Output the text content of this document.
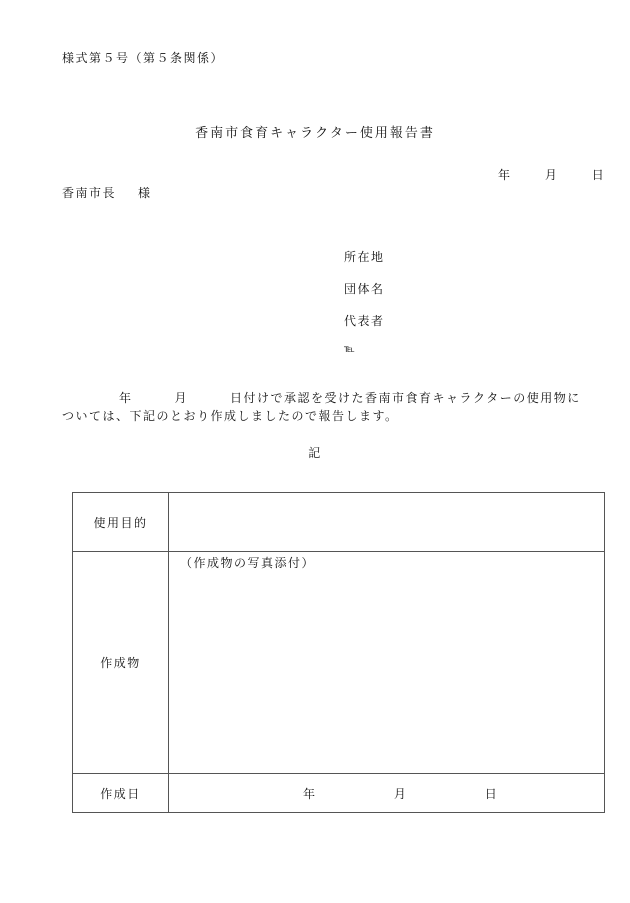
様式第５号（第５条関係）
香南市食育キャラクター使用報告書
年	月	日
香南市長 様
所在地
団体名
代表者
℡
年	月	日付けで承認を受けた香南市食育キャラクターの使用物に
ついては、下記のとおり作成しましたので報告します。
記
使用目的	
作成物	（作成物の写真添付）

作成日	年 月 日
